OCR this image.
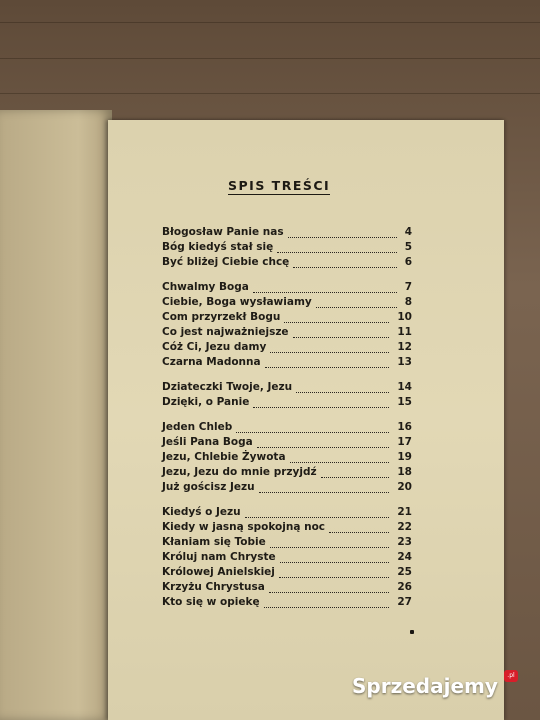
SPIS TREŚCI
Błogosław Panie nas	4
Bóg kiedyś stał się	5
Być bliżej Ciebie chcę	6
Chwalmy Boga	7
Ciebie, Boga wysławiamy	8
Com przyrzekł Bogu	10
Co jest najważniejsze	11
Cóż Ci, Jezu damy	12
Czarna Madonna	13
Dziateczki Twoje, Jezu	14
Dzięki, o Panie	15
Jeden Chleb	16
Jeśli Pana Boga	17
Jezu, Chlebie Żywota	19
Jezu, Jezu do mnie przyjdź	18
Już gościsz Jezu	20
Kiedyś o Jezu	21
Kiedy w jasną spokojną noc	22
Kłaniam się Tobie	23
Króluj nam Chryste	24
Królowej Anielskiej	25
Krzyżu Chrystusa	26
Kto się w opiekę	27
Sprzedajemy	.pl
